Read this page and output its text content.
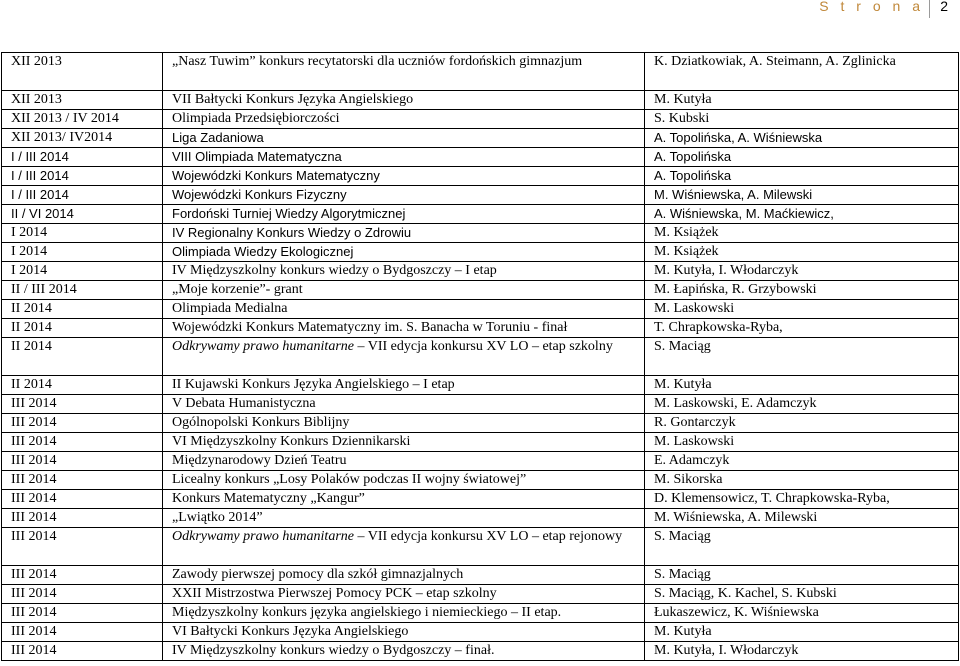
S t r o n a 2
XII 2013	„Nasz Tuwim” konkurs recytatorski dla uczniów fordońskich gimnazjum	K. Dziatkowiak, A. Steimann, A. Zglinicka
XII 2013	VII Bałtycki Konkurs Języka Angielskiego	M. Kutyła
XII 2013 / IV 2014	Olimpiada Przedsiębiorczości	S. Kubski
XII 2013/ IV2014	Liga Zadaniowa	A. Topolińska, A. Wiśniewska
I / III 2014	VIII Olimpiada Matematyczna	A. Topolińska
I / III 2014	Wojewódzki Konkurs Matematyczny	A. Topolińska
I / III 2014	Wojewódzki Konkurs Fizyczny	M. Wiśniewska, A. Milewski
II / VI 2014	Fordoński Turniej Wiedzy Algorytmicznej	A. Wiśniewska, M. Maćkiewicz,
I 2014	IV Regionalny Konkurs Wiedzy o Zdrowiu	M. Książek
I 2014	Olimpiada Wiedzy Ekologicznej	M. Książek
I 2014	IV Międzyszkolny konkurs wiedzy o Bydgoszczy – I etap	M. Kutyła, I. Włodarczyk
II / III 2014	„Moje korzenie”- grant	M. Łapińska, R. Grzybowski
II 2014	Olimpiada Medialna	M. Laskowski
II 2014	Wojewódzki Konkurs Matematyczny im. S. Banacha w Toruniu - finał	T. Chrapkowska-Ryba,
II 2014	Odkrywamy prawo humanitarne – VII edycja konkursu XV LO – etap szkolny	S. Maciąg
II 2014	II Kujawski Konkurs Języka Angielskiego – I etap	M. Kutyła
III 2014	V Debata Humanistyczna	M. Laskowski, E. Adamczyk
III 2014	Ogólnopolski Konkurs Biblijny	R. Gontarczyk
III 2014	VI Międzyszkolny Konkurs Dziennikarski	M. Laskowski
III 2014	Międzynarodowy Dzień Teatru	E. Adamczyk
III 2014	Licealny konkurs „Losy Polaków podczas II wojny światowej”	M. Sikorska
III 2014	Konkurs Matematyczny „Kangur”	D. Klemensowicz, T. Chrapkowska-Ryba,
III 2014	„Lwiątko 2014”	M. Wiśniewska, A. Milewski
III 2014	Odkrywamy prawo humanitarne – VII edycja konkursu XV LO – etap rejonowy	S. Maciąg
III 2014	Zawody pierwszej pomocy dla szkół gimnazjalnych	S. Maciąg
III 2014	XXII Mistrzostwa Pierwszej Pomocy PCK – etap szkolny	S. Maciąg, K. Kachel, S. Kubski
III 2014	Międzyszkolny konkurs języka angielskiego i niemieckiego – II etap.	Łukaszewicz, K. Wiśniewska
III 2014	VI Bałtycki Konkurs Języka Angielskiego	M. Kutyła
III 2014	IV Międzyszkolny konkurs wiedzy o Bydgoszczy – finał.	M. Kutyła, I. Włodarczyk
